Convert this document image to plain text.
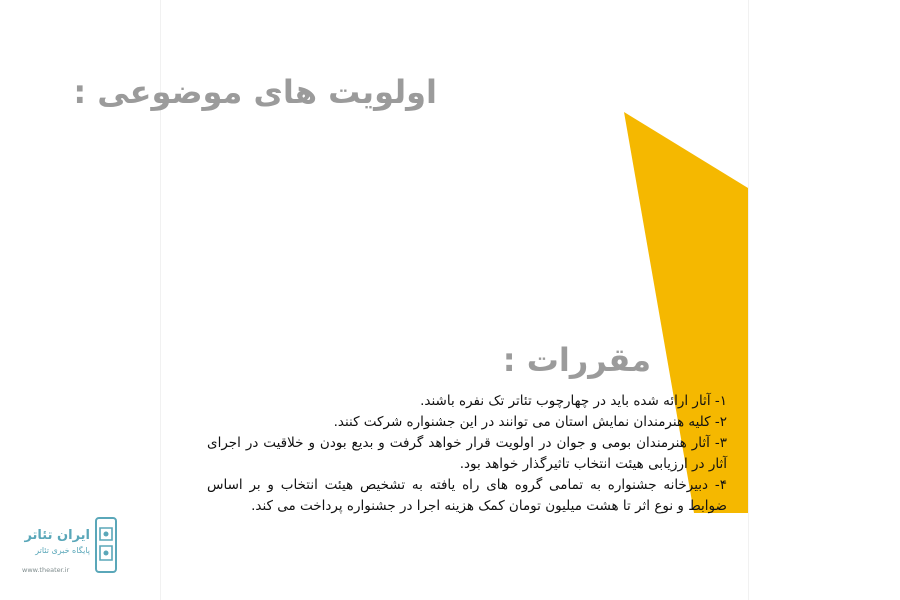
اولویت های موضوعی :
مقررات :

۱- آثار ارائه شده باید در چهارچوب تئاتر تک نفره باشند.

۲- کلیه هنرمندان نمایش استان می توانند در این جشنواره شرکت کنند.

۳- آثار هنرمندان بومی و جوان در اولویت قرار خواهد گرفت و بدیع بودن و خلاقیت در اجرای آثار در ارزیابی هیئت انتخاب تاثیرگذار خواهد بود.

۴- دبیرخانه جشنواره به تمامی گروه های راه یافته به تشخیص هیئت انتخاب و بر اساس ضوابط و نوع اثر تا هشت میلیون تومان کمک هزینه اجرا در جشنواره پرداخت می کند.

ایران تئاتر
پایگاه خبری تئاتر
www.theater.ir
